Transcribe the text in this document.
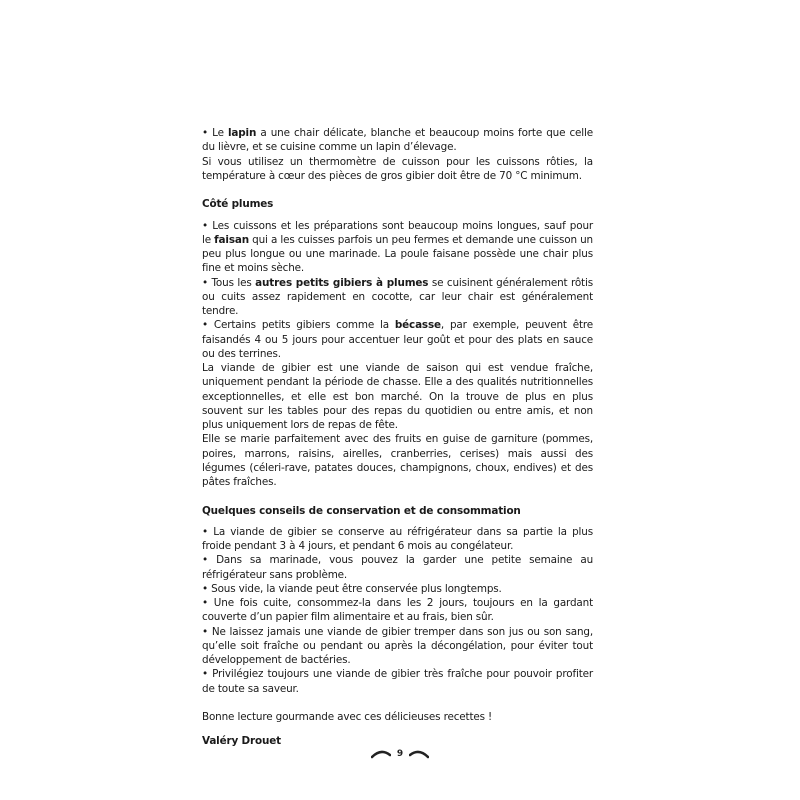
• Le lapin a une chair délicate, blanche et beaucoup moins forte que celle du lièvre, et se cuisine comme un lapin d’élevage.

Si vous utilisez un thermomètre de cuisson pour les cuissons rôties, la température à cœur des pièces de gros gibier doit être de 70 °C minimum.

Côté plumes

• Les cuissons et les préparations sont beaucoup moins longues, sauf pour le faisan qui a les cuisses parfois un peu fermes et demande une cuisson un peu plus longue ou une marinade. La poule faisane possède une chair plus fine et moins sèche.

• Tous les autres petits gibiers à plumes se cuisinent généralement rôtis ou cuits assez rapidement en cocotte, car leur chair est généralement tendre.

• Certains petits gibiers comme la bécasse, par exemple, peuvent être faisandés 4 ou 5 jours pour accentuer leur goût et pour des plats en sauce ou des terrines.

La viande de gibier est une viande de saison qui est vendue fraîche, uniquement pendant la période de chasse. Elle a des qualités nutritionnelles exceptionnelles, et elle est bon marché. On la trouve de plus en plus souvent sur les tables pour des repas du quotidien ou entre amis, et non plus uniquement lors de repas de fête.

Elle se marie parfaitement avec des fruits en guise de garniture (pommes, poires, marrons, raisins, airelles, cranberries, cerises) mais aussi des légumes (céleri-rave, patates douces, champignons, choux, endives) et des pâtes fraîches.

Quelques conseils de conservation et de consommation

• La viande de gibier se conserve au réfrigérateur dans sa partie la plus froide pendant 3 à 4 jours, et pendant 6 mois au congélateur.

• Dans sa marinade, vous pouvez la garder une petite semaine au réfrigérateur sans problème.

• Sous vide, la viande peut être conservée plus longtemps.

• Une fois cuite, consommez-la dans les 2 jours, toujours en la gardant couverte d’un papier film alimentaire et au frais, bien sûr.

• Ne laissez jamais une viande de gibier tremper dans son jus ou son sang, qu’elle soit fraîche ou pendant ou après la décongélation, pour éviter tout développement de bactéries.

• Privilégiez toujours une viande de gibier très fraîche pour pouvoir profiter de toute sa saveur.

Bonne lecture gourmande avec ces délicieuses recettes !

Valéry Drouet

9
